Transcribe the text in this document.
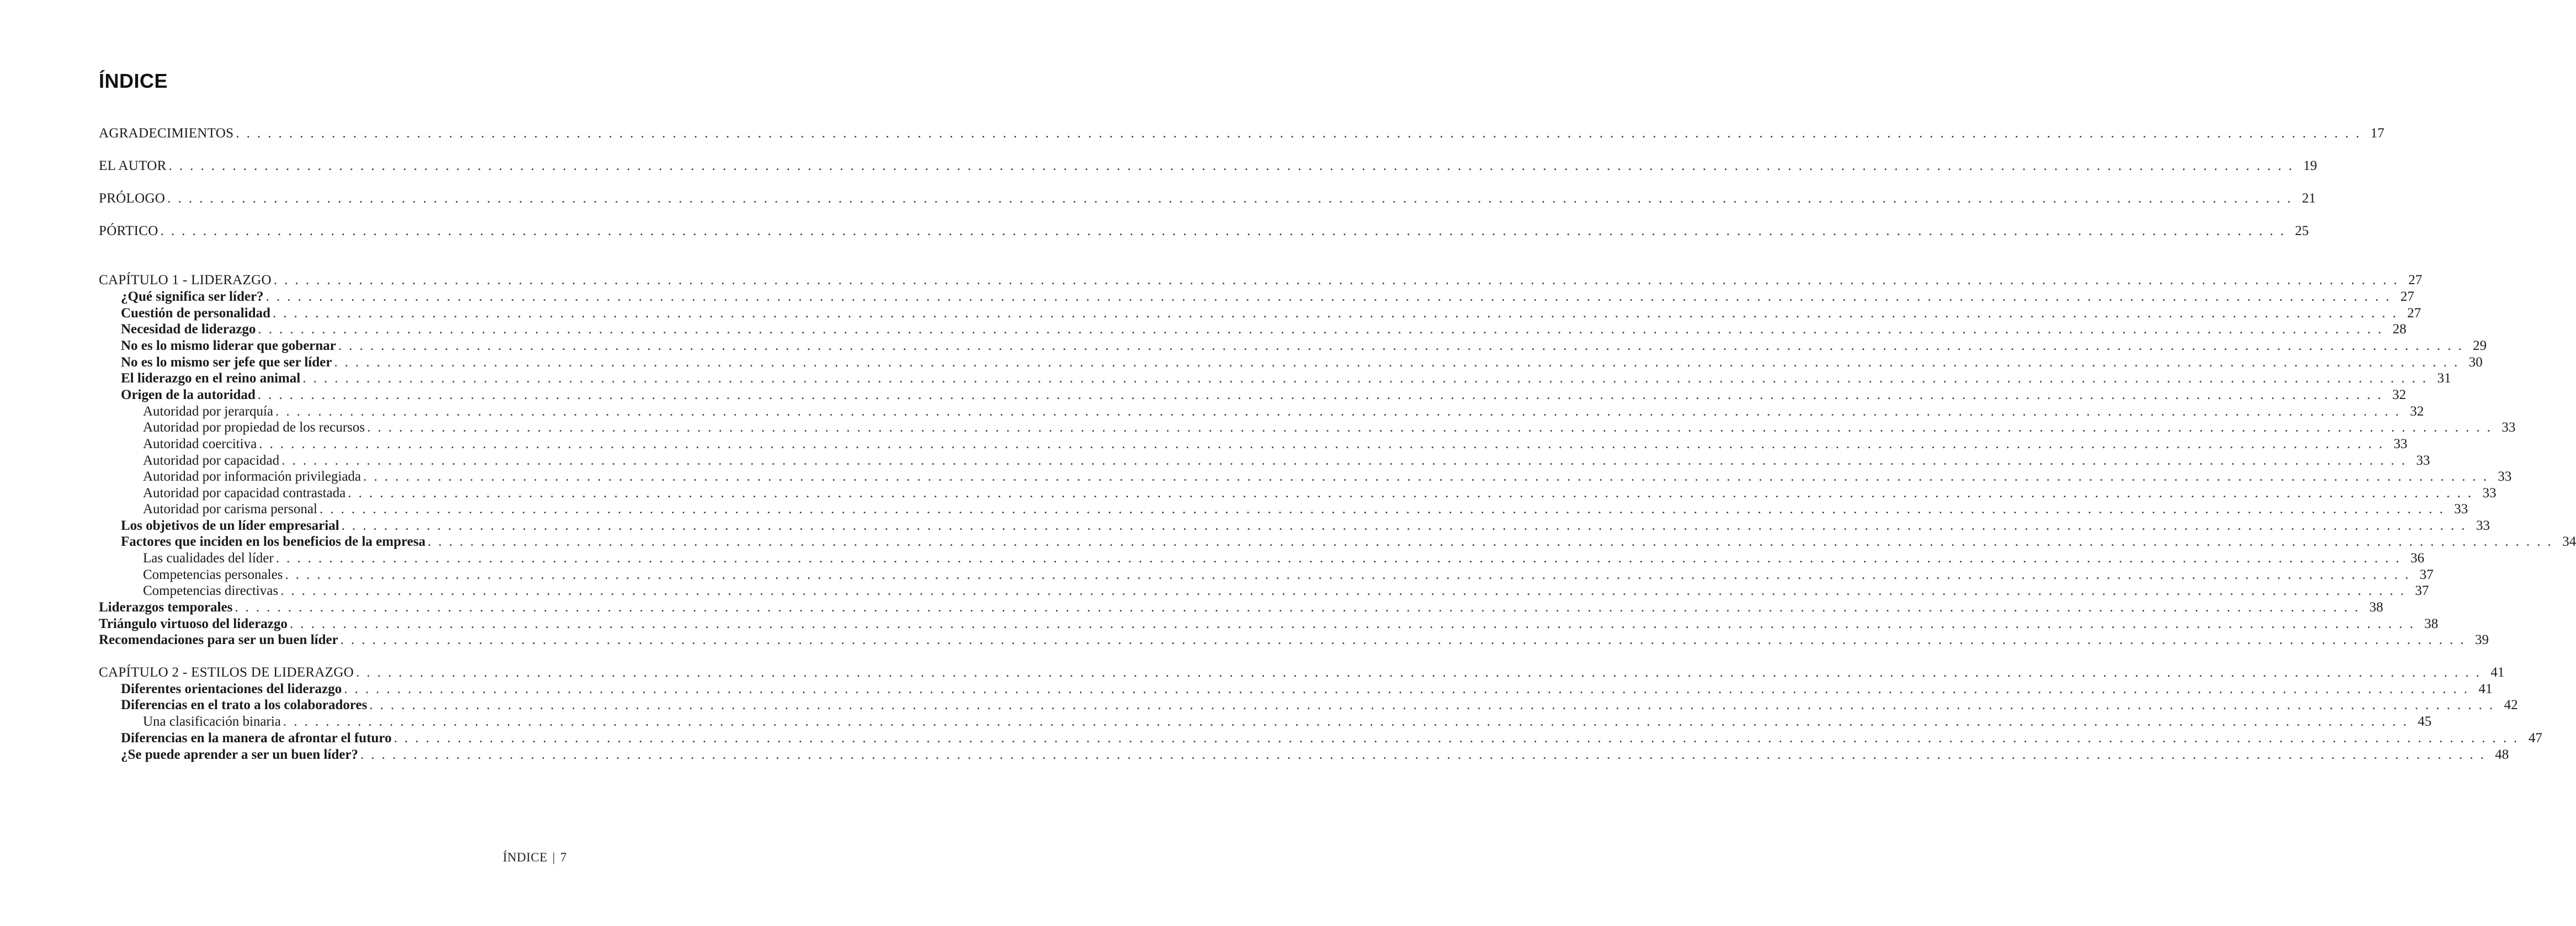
ÍNDICE
AGRADECIMIENTOS . . . . . . . . . . . . . . . . . . . . . . . . . . . . . . . . . . . . . . . . . . . . . . . . . . . . . . . . . . . . . . . . . . . . . . . . . . . . . . . . . . . . . . . . . . . . . . . . . . . . . . . . . . . . . . . . . . . . . . . . . . . . . . . . . . . . . . . . . . . . . . . . . . . . . . . . . . . . . . . . . . . . . . . . . . . . . . . . . . . . . . . . . . . . . . . . . . . . . . . . 17
EL AUTOR . . . . . . . . . . . . . . . . . . . . . . . . . . . . . . . . . . . . . . . . . . . . . . . . . . . . . . . . . . . . . . . . . . . . . . . . . . . . . . . . . . . . . . . . . . . . . . . . . . . . . . . . . . . . . . . . . . . . . . . . . . . . . . . . . . . . . . . . . . . . . . . . . . . . . . . . . . . . . . . . . . . . . . . . . . . . . . . . . . . . . . . . . . . . . . . . . . . . . . . . 19
PRÓLOGO . . . . . . . . . . . . . . . . . . . . . . . . . . . . . . . . . . . . . . . . . . . . . . . . . . . . . . . . . . . . . . . . . . . . . . . . . . . . . . . . . . . . . . . . . . . . . . . . . . . . . . . . . . . . . . . . . . . . . . . . . . . . . . . . . . . . . . . . . . . . . . . . . . . . . . . . . . . . . . . . . . . . . . . . . . . . . . . . . . . . . . . . . . . . . . . . . . . . . . . . 21
PÓRTICO . . . . . . . . . . . . . . . . . . . . . . . . . . . . . . . . . . . . . . . . . . . . . . . . . . . . . . . . . . . . . . . . . . . . . . . . . . . . . . . . . . . . . . . . . . . . . . . . . . . . . . . . . . . . . . . . . . . . . . . . . . . . . . . . . . . . . . . . . . . . . . . . . . . . . . . . . . . . . . . . . . . . . . . . . . . . . . . . . . . . . . . . . . . . . . . . . . . . . . . . 25
CAPÍTULO 1 - LIDERAZGO . . . . . . . . . . . . . . . . . . . . . . . . . . . . . . . . . . . . . . . . . . . . . . . . . . . . . . . . . . . . . . . . . . . . . . . . . . . . . . . . . . . . . . . . . . . . . . . . . . . . . . . . . . . . . . . . . . . . . . . . . . . . . . . . . . . . . . . . . . . . . . . . . . . . . . . . . . . . . . . . . . . . . . . . . . . . . . . . . . . . . . . . . . . . . . . . . . . . . . . . 27
¿Qué significa ser líder? . . . . . . . . . . . . . . . . . . . . . . . . . . . . . . . . . . . . . . . . . . . . . . . . . . . . . . . . . . . . . . . . . . . . . . . . . . . . . . . . . . . . . . . . . . . . . . . . . . . . . . . . . . . . . . . . . . . . . . . . . . . . . . . . . . . . . . . . . . . . . . . . . . . . . . . . . . . . . . . . . . . . . . . . . . . . . . . . . . . . . . . . . . . . . . . . . . . . . . . . 27
Cuestión de personalidad . . . . . . . . . . . . . . . . . . . . . . . . . . . . . . . . . . . . . . . . . . . . . . . . . . . . . . . . . . . . . . . . . . . . . . . . . . . . . . . . . . . . . . . . . . . . . . . . . . . . . . . . . . . . . . . . . . . . . . . . . . . . . . . . . . . . . . . . . . . . . . . . . . . . . . . . . . . . . . . . . . . . . . . . . . . . . . . . . . . . . . . . . . . . . . . . . . . . . . . . 27
Necesidad de liderazgo . . . . . . . . . . . . . . . . . . . . . . . . . . . . . . . . . . . . . . . . . . . . . . . . . . . . . . . . . . . . . . . . . . . . . . . . . . . . . . . . . . . . . . . . . . . . . . . . . . . . . . . . . . . . . . . . . . . . . . . . . . . . . . . . . . . . . . . . . . . . . . . . . . . . . . . . . . . . . . . . . . . . . . . . . . . . . . . . . . . . . . . . . . . . . . . . . . . . . . . . 28
No es lo mismo liderar que gobernar . . . . . . . . . . . . . . . . . . . . . . . . . . . . . . . . . . . . . . . . . . . . . . . . . . . . . . . . . . . . . . . . . . . . . . . . . . . . . . . . . . . . . . . . . . . . . . . . . . . . . . . . . . . . . . . . . . . . . . . . . . . . . . . . . . . . . . . . . . . . . . . . . . . . . . . . . . . . . . . . . . . . . . . . . . . . . . . . . . . . . . . . . . . . . . . . . . . . . . . . 29
No es lo mismo ser jefe que ser líder . . . . . . . . . . . . . . . . . . . . . . . . . . . . . . . . . . . . . . . . . . . . . . . . . . . . . . . . . . . . . . . . . . . . . . . . . . . . . . . . . . . . . . . . . . . . . . . . . . . . . . . . . . . . . . . . . . . . . . . . . . . . . . . . . . . . . . . . . . . . . . . . . . . . . . . . . . . . . . . . . . . . . . . . . . . . . . . . . . . . . . . . . . . . . . . . . . . . . . . . 30
El liderazgo en el reino animal . . . . . . . . . . . . . . . . . . . . . . . . . . . . . . . . . . . . . . . . . . . . . . . . . . . . . . . . . . . . . . . . . . . . . . . . . . . . . . . . . . . . . . . . . . . . . . . . . . . . . . . . . . . . . . . . . . . . . . . . . . . . . . . . . . . . . . . . . . . . . . . . . . . . . . . . . . . . . . . . . . . . . . . . . . . . . . . . . . . . . . . . . . . . . . . . . . . . . . . . 31
Origen de la autoridad . . . . . . . . . . . . . . . . . . . . . . . . . . . . . . . . . . . . . . . . . . . . . . . . . . . . . . . . . . . . . . . . . . . . . . . . . . . . . . . . . . . . . . . . . . . . . . . . . . . . . . . . . . . . . . . . . . . . . . . . . . . . . . . . . . . . . . . . . . . . . . . . . . . . . . . . . . . . . . . . . . . . . . . . . . . . . . . . . . . . . . . . . . . . . . . . . . . . . . . . 32
Autoridad por jerarquía . . . . . . . . . . . . . . . . . . . . . . . . . . . . . . . . . . . . . . . . . . . . . . . . . . . . . . . . . . . . . . . . . . . . . . . . . . . . . . . . . . . . . . . . . . . . . . . . . . . . . . . . . . . . . . . . . . . . . . . . . . . . . . . . . . . . . . . . . . . . . . . . . . . . . . . . . . . . . . . . . . . . . . . . . . . . . . . . . . . . . . . . . . . . . . . . . . . . . . . . 32
Autoridad por propiedad de los recursos . . . . . . . . . . . . . . . . . . . . . . . . . . . . . . . . . . . . . . . . . . . . . . . . . . . . . . . . . . . . . . . . . . . . . . . . . . . . . . . . . . . . . . . . . . . . . . . . . . . . . . . . . . . . . . . . . . . . . . . . . . . . . . . . . . . . . . . . . . . . . . . . . . . . . . . . . . . . . . . . . . . . . . . . . . . . . . . . . . . . . . . . . . . . . . . . . . . . . . . . 33
Autoridad coercitiva . . . . . . . . . . . . . . . . . . . . . . . . . . . . . . . . . . . . . . . . . . . . . . . . . . . . . . . . . . . . . . . . . . . . . . . . . . . . . . . . . . . . . . . . . . . . . . . . . . . . . . . . . . . . . . . . . . . . . . . . . . . . . . . . . . . . . . . . . . . . . . . . . . . . . . . . . . . . . . . . . . . . . . . . . . . . . . . . . . . . . . . . . . . . . . . . . . . . . . . . 33
Autoridad por capacidad . . . . . . . . . . . . . . . . . . . . . . . . . . . . . . . . . . . . . . . . . . . . . . . . . . . . . . . . . . . . . . . . . . . . . . . . . . . . . . . . . . . . . . . . . . . . . . . . . . . . . . . . . . . . . . . . . . . . . . . . . . . . . . . . . . . . . . . . . . . . . . . . . . . . . . . . . . . . . . . . . . . . . . . . . . . . . . . . . . . . . . . . . . . . . . . . . . . . . . . . 33
Autoridad por información privilegiada . . . . . . . . . . . . . . . . . . . . . . . . . . . . . . . . . . . . . . . . . . . . . . . . . . . . . . . . . . . . . . . . . . . . . . . . . . . . . . . . . . . . . . . . . . . . . . . . . . . . . . . . . . . . . . . . . . . . . . . . . . . . . . . . . . . . . . . . . . . . . . . . . . . . . . . . . . . . . . . . . . . . . . . . . . . . . . . . . . . . . . . . . . . . . . . . . . . . . . . . 33
Autoridad por capacidad contrastada . . . . . . . . . . . . . . . . . . . . . . . . . . . . . . . . . . . . . . . . . . . . . . . . . . . . . . . . . . . . . . . . . . . . . . . . . . . . . . . . . . . . . . . . . . . . . . . . . . . . . . . . . . . . . . . . . . . . . . . . . . . . . . . . . . . . . . . . . . . . . . . . . . . . . . . . . . . . . . . . . . . . . . . . . . . . . . . . . . . . . . . . . . . . . . . . . . . . . . . . 33
Autoridad por carisma personal . . . . . . . . . . . . . . . . . . . . . . . . . . . . . . . . . . . . . . . . . . . . . . . . . . . . . . . . . . . . . . . . . . . . . . . . . . . . . . . . . . . . . . . . . . . . . . . . . . . . . . . . . . . . . . . . . . . . . . . . . . . . . . . . . . . . . . . . . . . . . . . . . . . . . . . . . . . . . . . . . . . . . . . . . . . . . . . . . . . . . . . . . . . . . . . . . . . . . . . . 33
Los objetivos de un líder empresarial . . . . . . . . . . . . . . . . . . . . . . . . . . . . . . . . . . . . . . . . . . . . . . . . . . . . . . . . . . . . . . . . . . . . . . . . . . . . . . . . . . . . . . . . . . . . . . . . . . . . . . . . . . . . . . . . . . . . . . . . . . . . . . . . . . . . . . . . . . . . . . . . . . . . . . . . . . . . . . . . . . . . . . . . . . . . . . . . . . . . . . . . . . . . . . . . . . . . . . . . 33
Factores que inciden en los beneficios de la empresa . . . . . . . . . . . . . . . . . . . . . . . . . . . . . . . . . . . . . . . . . . . . . . . . . . . . . . . . . . . . . . . . . . . . . . . . . . . . . . . . . . . . . . . . . . . . . . . . . . . . . . . . . . . . . . . . . . . . . . . . . . . . . . . . . . . . . . . . . . . . . . . . . . . . . . . . . . . . . . . . . . . . . . . . . . . . . . . . . . . . . . . . . . . . . . . . . . . . . . . . 34
Las cualidades del líder . . . . . . . . . . . . . . . . . . . . . . . . . . . . . . . . . . . . . . . . . . . . . . . . . . . . . . . . . . . . . . . . . . . . . . . . . . . . . . . . . . . . . . . . . . . . . . . . . . . . . . . . . . . . . . . . . . . . . . . . . . . . . . . . . . . . . . . . . . . . . . . . . . . . . . . . . . . . . . . . . . . . . . . . . . . . . . . . . . . . . . . . . . . . . . . . . . . . . . . . 36
Competencias personales . . . . . . . . . . . . . . . . . . . . . . . . . . . . . . . . . . . . . . . . . . . . . . . . . . . . . . . . . . . . . . . . . . . . . . . . . . . . . . . . . . . . . . . . . . . . . . . . . . . . . . . . . . . . . . . . . . . . . . . . . . . . . . . . . . . . . . . . . . . . . . . . . . . . . . . . . . . . . . . . . . . . . . . . . . . . . . . . . . . . . . . . . . . . . . . . . . . . . . . . 37
Competencias directivas . . . . . . . . . . . . . . . . . . . . . . . . . . . . . . . . . . . . . . . . . . . . . . . . . . . . . . . . . . . . . . . . . . . . . . . . . . . . . . . . . . . . . . . . . . . . . . . . . . . . . . . . . . . . . . . . . . . . . . . . . . . . . . . . . . . . . . . . . . . . . . . . . . . . . . . . . . . . . . . . . . . . . . . . . . . . . . . . . . . . . . . . . . . . . . . . . . . . . . . . 37
Liderazgos temporales . . . . . . . . . . . . . . . . . . . . . . . . . . . . . . . . . . . . . . . . . . . . . . . . . . . . . . . . . . . . . . . . . . . . . . . . . . . . . . . . . . . . . . . . . . . . . . . . . . . . . . . . . . . . . . . . . . . . . . . . . . . . . . . . . . . . . . . . . . . . . . . . . . . . . . . . . . . . . . . . . . . . . . . . . . . . . . . . . . . . . . . . . . . . . . . . . . . . . . . . 38
Triángulo virtuoso del liderazgo . . . . . . . . . . . . . . . . . . . . . . . . . . . . . . . . . . . . . . . . . . . . . . . . . . . . . . . . . . . . . . . . . . . . . . . . . . . . . . . . . . . . . . . . . . . . . . . . . . . . . . . . . . . . . . . . . . . . . . . . . . . . . . . . . . . . . . . . . . . . . . . . . . . . . . . . . . . . . . . . . . . . . . . . . . . . . . . . . . . . . . . . . . . . . . . . . . . . . . . . 38
Recomendaciones para ser un buen líder . . . . . . . . . . . . . . . . . . . . . . . . . . . . . . . . . . . . . . . . . . . . . . . . . . . . . . . . . . . . . . . . . . . . . . . . . . . . . . . . . . . . . . . . . . . . . . . . . . . . . . . . . . . . . . . . . . . . . . . . . . . . . . . . . . . . . . . . . . . . . . . . . . . . . . . . . . . . . . . . . . . . . . . . . . . . . . . . . . . . . . . . . . . . . . . . . . . . . . . . 39
CAPÍTULO 2 - ESTILOS DE LIDERAZGO . . . . . . . . . . . . . . . . . . . . . . . . . . . . . . . . . . . . . . . . . . . . . . . . . . . . . . . . . . . . . . . . . . . . . . . . . . . . . . . . . . . . . . . . . . . . . . . . . . . . . . . . . . . . . . . . . . . . . . . . . . . . . . . . . . . . . . . . . . . . . . . . . . . . . . . . . . . . . . . . . . . . . . . . . . . . . . . . . . . . . . . . . . . . . . . . . . . . . . . . 41
Diferentes orientaciones del liderazgo . . . . . . . . . . . . . . . . . . . . . . . . . . . . . . . . . . . . . . . . . . . . . . . . . . . . . . . . . . . . . . . . . . . . . . . . . . . . . . . . . . . . . . . . . . . . . . . . . . . . . . . . . . . . . . . . . . . . . . . . . . . . . . . . . . . . . . . . . . . . . . . . . . . . . . . . . . . . . . . . . . . . . . . . . . . . . . . . . . . . . . . . . . . . . . . . . . . . . . . . 41
Diferencias en el trato a los colaboradores . . . . . . . . . . . . . . . . . . . . . . . . . . . . . . . . . . . . . . . . . . . . . . . . . . . . . . . . . . . . . . . . . . . . . . . . . . . . . . . . . . . . . . . . . . . . . . . . . . . . . . . . . . . . . . . . . . . . . . . . . . . . . . . . . . . . . . . . . . . . . . . . . . . . . . . . . . . . . . . . . . . . . . . . . . . . . . . . . . . . . . . . . . . . . . . . . . . . . . . . 42
Una clasificación binaria . . . . . . . . . . . . . . . . . . . . . . . . . . . . . . . . . . . . . . . . . . . . . . . . . . . . . . . . . . . . . . . . . . . . . . . . . . . . . . . . . . . . . . . . . . . . . . . . . . . . . . . . . . . . . . . . . . . . . . . . . . . . . . . . . . . . . . . . . . . . . . . . . . . . . . . . . . . . . . . . . . . . . . . . . . . . . . . . . . . . . . . . . . . . . . . . . . . . . . . . 45
Diferencias en la manera de afrontar el futuro . . . . . . . . . . . . . . . . . . . . . . . . . . . . . . . . . . . . . . . . . . . . . . . . . . . . . . . . . . . . . . . . . . . . . . . . . . . . . . . . . . . . . . . . . . . . . . . . . . . . . . . . . . . . . . . . . . . . . . . . . . . . . . . . . . . . . . . . . . . . . . . . . . . . . . . . . . . . . . . . . . . . . . . . . . . . . . . . . . . . . . . . . . . . . . . . . . . . . . . . 47
¿Se puede aprender a ser un buen líder? . . . . . . . . . . . . . . . . . . . . . . . . . . . . . . . . . . . . . . . . . . . . . . . . . . . . . . . . . . . . . . . . . . . . . . . . . . . . . . . . . . . . . . . . . . . . . . . . . . . . . . . . . . . . . . . . . . . . . . . . . . . . . . . . . . . . . . . . . . . . . . . . . . . . . . . . . . . . . . . . . . . . . . . . . . . . . . . . . . . . . . . . . . . . . . . . . . . . . . . . 48
ÍNDICE | 7
